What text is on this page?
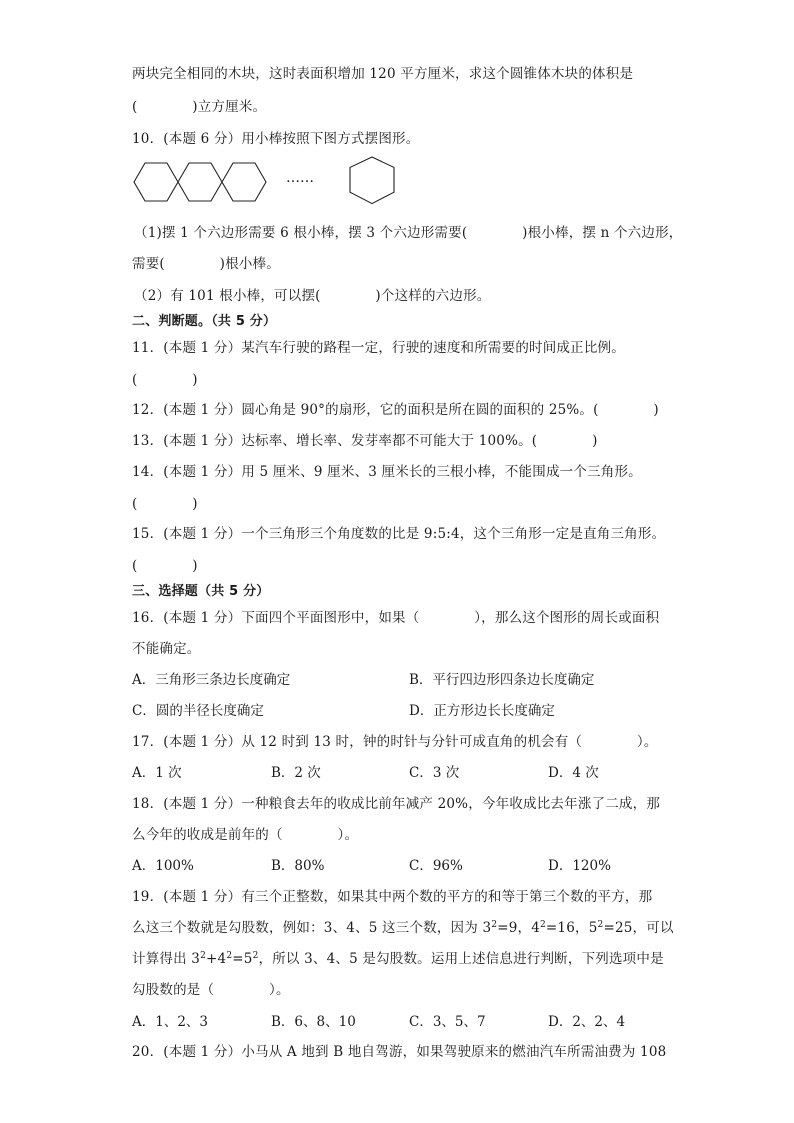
两块完全相同的木块，这时表面积增加 120 平方厘米，求这个圆锥体木块的体积是
(　　　　)立方厘米。
10．(本题 6 分）用小棒按照下图方式摆图形。
……
（1)摆 1 个六边形需要 6 根小棒，摆 3 个六边形需要(　　　　)根小棒，摆 n 个六边形，
需要(　　　　)根小棒。
（2）有 101 根小棒，可以摆(　　　　)个这样的六边形。
二、判断题。（共 5 分）
11．(本题 1 分）某汽车行驶的路程一定，行驶的速度和所需要的时间成正比例。
(　　　　)
12．(本题 1 分）圆心角是 90°的扇形，它的面积是所在圆的面积的 25%。(　　　　)
13．(本题 1 分）达标率、增长率、发芽率都不可能大于 100%。(　　　　)
14．(本题 1 分）用 5 厘米、9 厘米、3 厘米长的三根小棒，不能围成一个三角形。
(　　　　)
15．(本题 1 分）一个三角形三个角度数的比是 9:5:4，这个三角形一定是直角三角形。
(　　　　)
三、选择题（共 5 分）
16．(本题 1 分）下面四个平面图形中，如果（　　　　），那么这个图形的周长或面积
不能确定。
A．三角形三条边长度确定	B．平行四边形四条边长度确定
C．圆的半径长度确定	D．正方形边长长度确定
17．(本题 1 分）从 12 时到 13 时，钟的时针与分针可成直角的机会有（　　　　）。
A．1 次	B．2 次	C．3 次	D．4 次
18．(本题 1 分）一种粮食去年的收成比前年减产 20%，今年收成比去年涨了二成，那
么今年的收成是前年的（　　　　）。
A．100%	B．80%	C．96%	D．120%
19．(本题 1 分）有三个正整数，如果其中两个数的平方的和等于第三个数的平方，那
么这三个数就是勾股数，例如：3、4、5 这三个数，因为 $3^2=9$，$4^2=16$，$5^2=25$，可以
计算得出 $3^2+4^2=5^2$，所以 3、4、5 是勾股数。运用上述信息进行判断，下列选项中是
勾股数的是（　　　　）。
A．1、2、3	B．6、8、10	C．3、5、7	D．2、2、4
20．(本题 1 分）小马从 A 地到 B 地自驾游，如果驾驶原来的燃油汽车所需油费为 108
